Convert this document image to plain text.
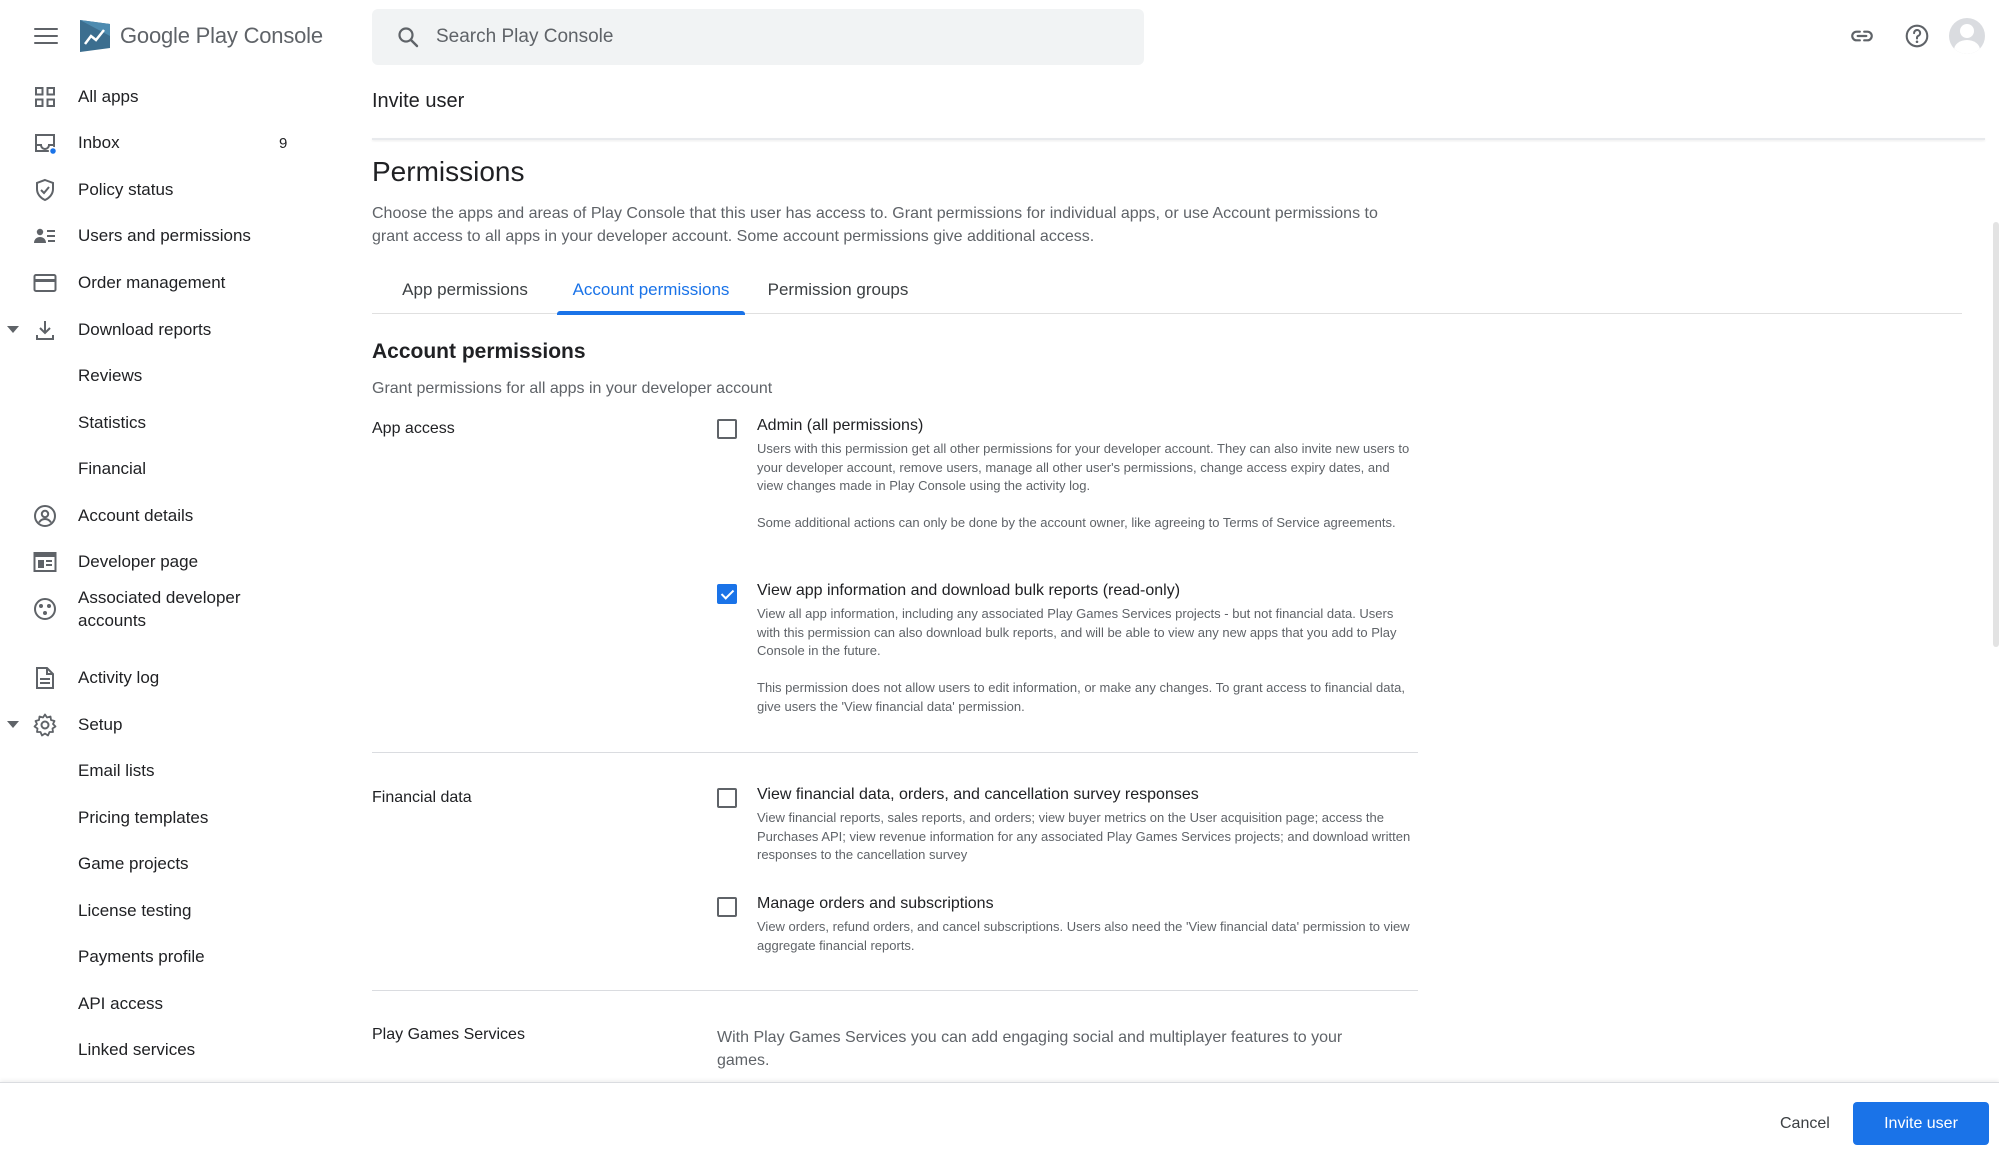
Google Play Console
Search Play Console
All apps
Inbox	9
Policy status
Users and permissions
Order management
Download reports
Reviews
Statistics
Financial
Account details
Developer page
Associated developer
accounts
Activity log
Setup
Email lists
Pricing templates
Game projects
License testing
Payments profile
API access
Linked services
Invite user
Permissions

Choose the apps and areas of Play Console that this user has access to. Grant permissions for individual apps, or use Account permissions to grant access to all apps in your developer account. Some account permissions give additional access.

App permissions	Account permissions Permission groups
Account permissions

Grant permissions for all apps in your developer account

App access	Admin (all permissions)

Users with this permission get all other permissions for your developer account. They can also invite new users to your developer account, remove users, manage all other user's permissions, change access expiry dates, and view changes made in Play Console using the activity log.

Some additional actions can only be done by the account owner, like agreeing to Terms of Service agreements.

View app information and download bulk reports (read-only)

View all app information, including any associated Play Games Services projects - but not financial data. Users with this permission can also download bulk reports, and will be able to view any new apps that you add to Play Console in the future.

This permission does not allow users to edit information, or make any changes. To grant access to financial data, give users the 'View financial data' permission.

Financial data	View financial data, orders, and cancellation survey responses

View financial reports, sales reports, and orders; view buyer metrics on the User acquisition page; access the Purchases API; view revenue information for any associated Play Games Services projects; and download written responses to the cancellation survey

Manage orders and subscriptions

View orders, refund orders, and cancel subscriptions. Users also need the 'View financial data' permission to view aggregate financial reports.

Play Games Services	With Play Games Services you can add engaging social and multiplayer features to your games.

Cancel	Invite user
